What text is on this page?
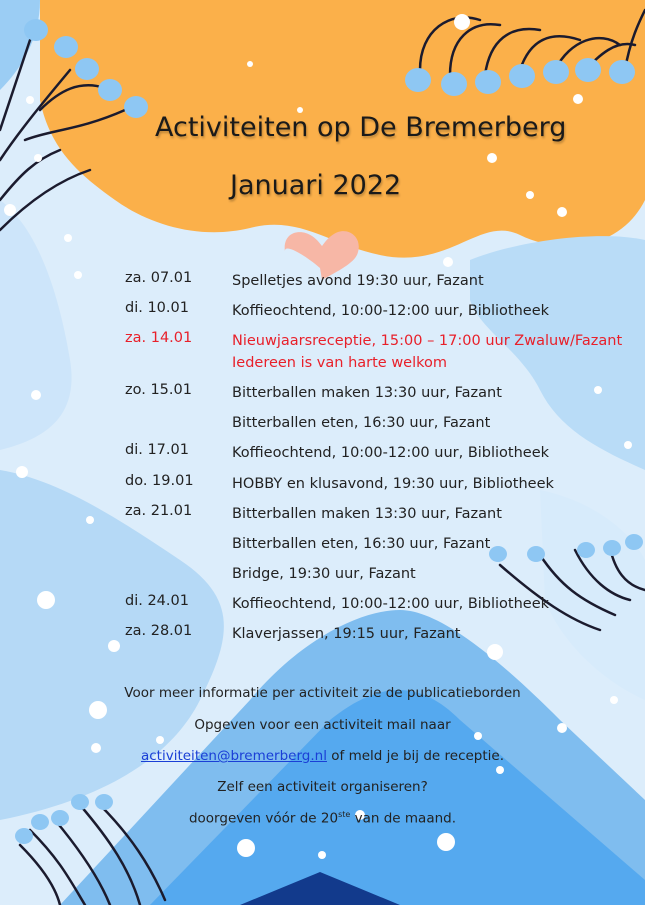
Activiteiten op De Bremerberg
Januari 2022
za. 07.01	Spelletjes avond 19:30 uur, Fazant
di. 10.01	Koffieochtend, 10:00-12:00 uur, Bibliotheek
za. 14.01	Nieuwjaarsreceptie, 15:00 – 17:00 uur Zwaluw/Fazant
Iedereen is van harte welkom
zo. 15.01	Bitterballen maken 13:30 uur, Fazant
Bitterballen eten, 16:30 uur, Fazant
di. 17.01	Koffieochtend, 10:00-12:00 uur, Bibliotheek
do. 19.01	HOBBY en klusavond, 19:30 uur, Bibliotheek
za. 21.01	Bitterballen maken 13:30 uur, Fazant
Bitterballen eten, 16:30 uur, Fazant
Bridge, 19:30 uur, Fazant
di. 24.01	Koffieochtend, 10:00-12:00 uur, Bibliotheek
za. 28.01	Klaverjassen, 19:15 uur, Fazant
Voor meer informatie per activiteit zie de publicatieborden
Opgeven voor een activiteit mail naar
activiteiten@bremerberg.nl of meld je bij de receptie.
Zelf een activiteit organiseren?
doorgeven vóór de 20ste van de maand.
